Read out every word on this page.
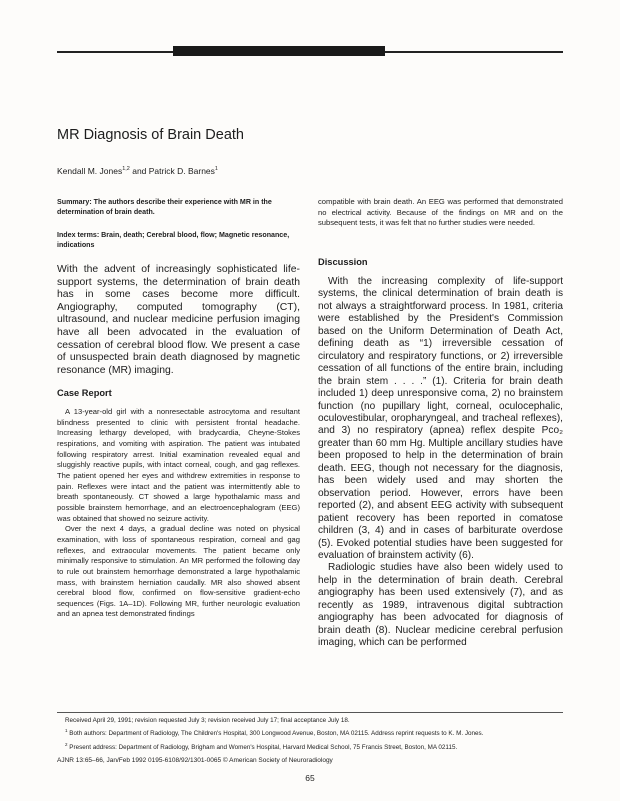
MR Diagnosis of Brain Death
Kendall M. Jones$^{1,2}$ and Patrick D. Barnes$^1$

Summary: The authors describe their experience with MR in the determination of brain death.

Index terms: Brain, death; Cerebral blood, flow; Magnetic resonance, indications

With the advent of increasingly sophisticated life-support systems, the determination of brain death has in some cases become more difficult. Angiography, computed tomography (CT), ultrasound, and nuclear medicine perfusion imaging have all been advocated in the evaluation of cessation of cerebral blood flow. We present a case of unsuspected brain death diagnosed by magnetic resonance (MR) imaging.

Case Report

A 13-year-old girl with a nonresectable astrocytoma and resultant blindness presented to clinic with persistent frontal headache. Increasing lethargy developed, with bradycardia, Cheyne-Stokes respirations, and vomiting with aspiration. The patient was intubated following respiratory arrest. Initial examination revealed equal and sluggishly reactive pupils, with intact corneal, cough, and gag reflexes. The patient opened her eyes and withdrew extremities in response to pain. Reflexes were intact and the patient was intermittently able to breath spontaneously. CT showed a large hypothalamic mass and possible brainstem hemorrhage, and an electroencephalogram (EEG) was obtained that showed no seizure activity.

Over the next 4 days, a gradual decline was noted on physical examination, with loss of spontaneous respiration, corneal and gag reflexes, and extraocular movements. The patient became only minimally responsive to stimulation. An MR performed the following day to rule out brainstem hemorrhage demonstrated a large hypothalamic mass, with brainstem herniation caudally. MR also showed absent cerebral blood flow, confirmed on flow-sensitive gradient-echo sequences (Figs. 1A–1D). Following MR, further neurologic evaluation and an apnea test demonstrated findings

compatible with brain death. An EEG was performed that demonstrated no electrical activity. Because of the findings on MR and on the subsequent tests, it was felt that no further studies were needed.

Discussion

With the increasing complexity of life-support systems, the clinical determination of brain death is not always a straightforward process. In 1981, criteria were established by the President's Commission based on the Uniform Determination of Death Act, defining death as “1) irreversible cessation of circulatory and respiratory functions, or 2) irreversible cessation of all functions of the entire brain, including the brain stem . . . .” (1). Criteria for brain death included 1) deep unresponsive coma, 2) no brainstem function (no pupillary light, corneal, oculocephalic, oculovestibular, oropharyngeal, and tracheal reflexes), and 3) no respiratory (apnea) reflex despite Pco₂ greater than 60 mm Hg. Multiple ancillary studies have been proposed to help in the determination of brain death. EEG, though not necessary for the diagnosis, has been widely used and may shorten the observation period. However, errors have been reported (2), and absent EEG activity with subsequent patient recovery has been reported in comatose children (3, 4) and in cases of barbiturate overdose (5). Evoked potential studies have been suggested for evaluation of brainstem activity (6).

Radiologic studies have also been widely used to help in the determination of brain death. Cerebral angiography has been used extensively (7), and as recently as 1989, intravenous digital subtraction angiography has been advocated for diagnosis of brain death (8). Nuclear medicine cerebral perfusion imaging, which can be performed

Received April 29, 1991; revision requested July 3; revision received July 17; final acceptance July 18.

$^1$ Both authors: Department of Radiology, The Children's Hospital, 300 Longwood Avenue, Boston, MA 02115. Address reprint requests to K. M. Jones.

$^2$ Present address: Department of Radiology, Brigham and Women's Hospital, Harvard Medical School, 75 Francis Street, Boston, MA 02115.

AJNR 13:65–66, Jan/Feb 1992 0195-6108/92/1301-0065 © American Society of Neuroradiology
65
